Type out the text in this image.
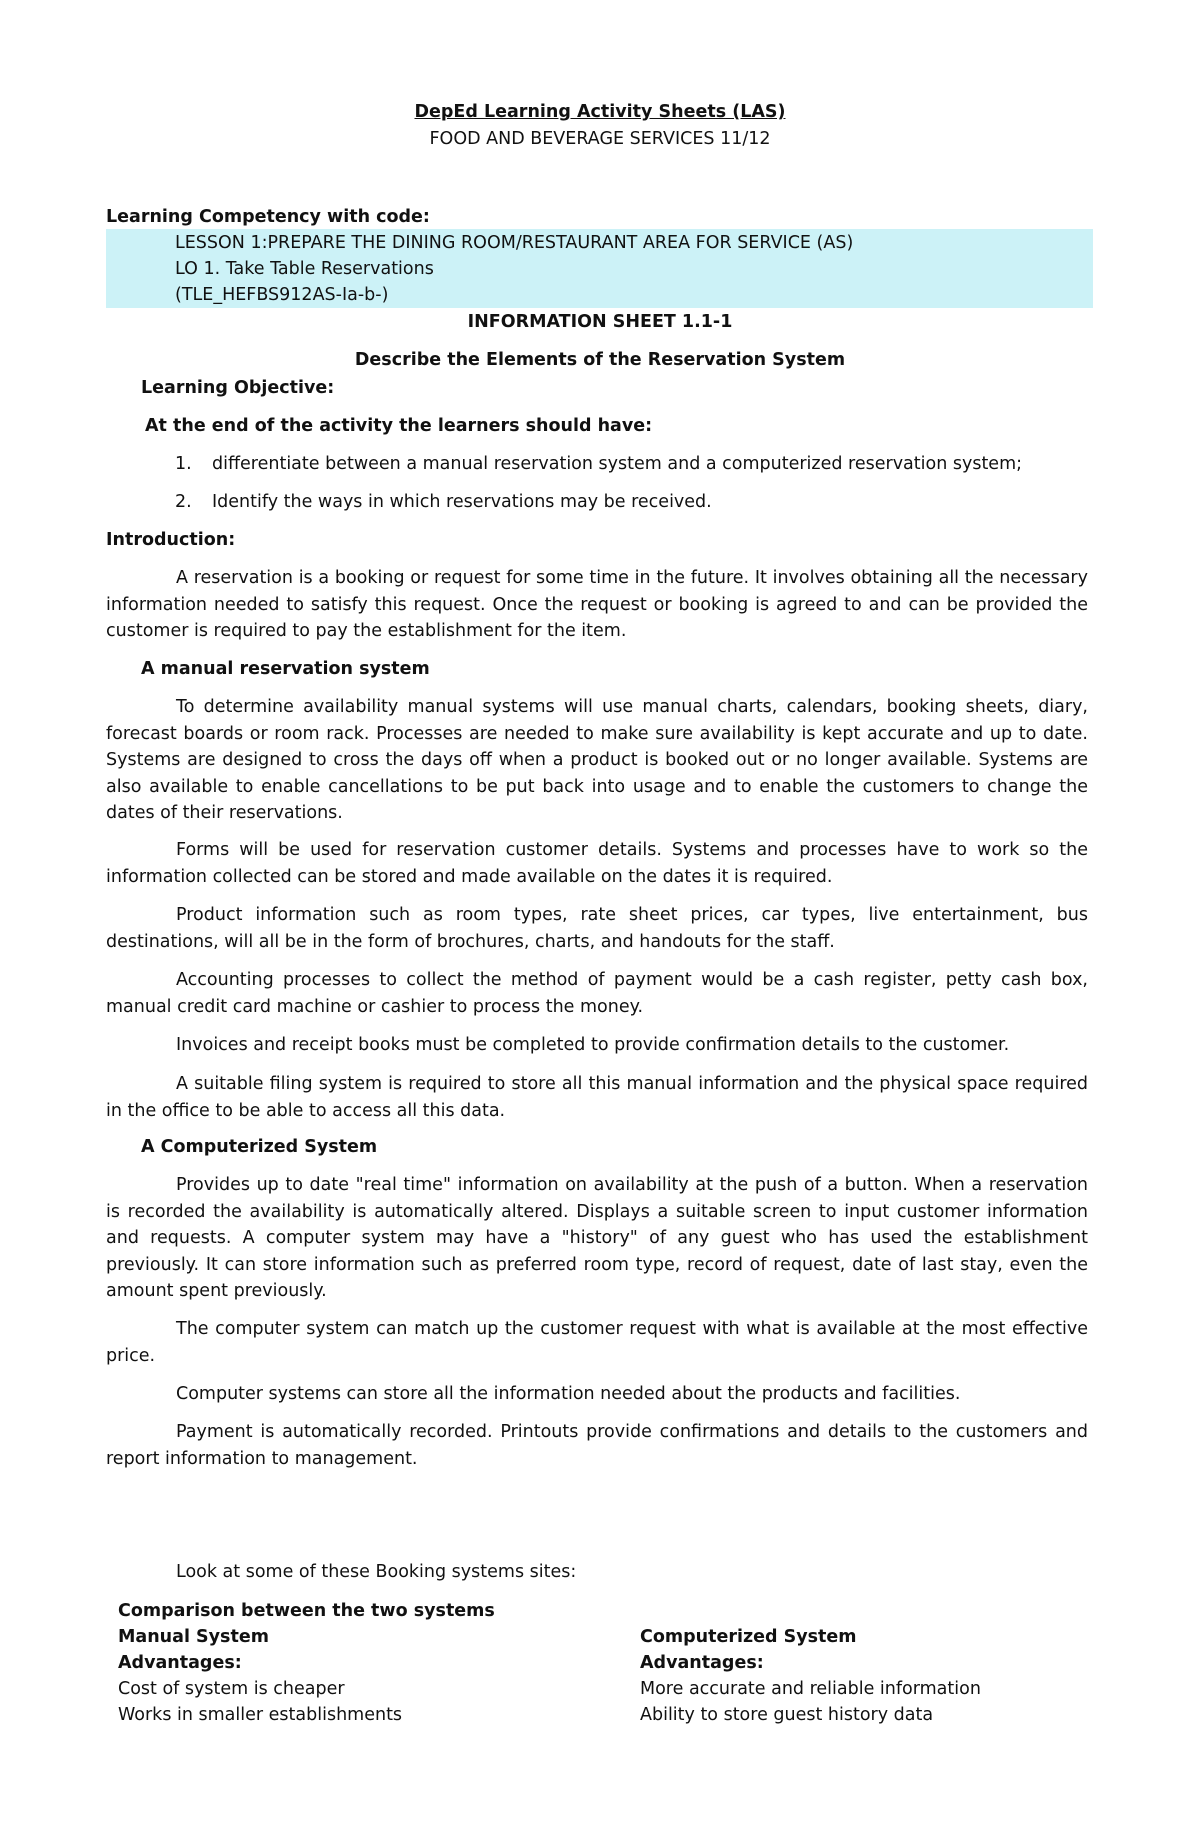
DepEd Learning Activity Sheets (LAS)
FOOD AND BEVERAGE SERVICES 11/12
Learning Competency with code:
LESSON 1:PREPARE THE DINING ROOM/RESTAURANT AREA FOR SERVICE (AS)
LO 1. Take Table Reservations
(TLE_HEFBS912AS-Ia-b-)
INFORMATION SHEET 1.1-1
Describe the Elements of the Reservation System
Learning Objective:
At the end of the activity the learners should have:
1. differentiate between a manual reservation system and a computerized reservation system;
2. Identify the ways in which reservations may be received.
Introduction:
A reservation is a booking or request for some time in the future. It involves obtaining all the necessary information needed to satisfy this request. Once the request or booking is agreed to and can be provided the customer is required to pay the establishment for the item.
A manual reservation system
To determine availability manual systems will use manual charts, calendars, booking sheets, diary, forecast boards or room rack. Processes are needed to make sure availability is kept accurate and up to date. Systems are designed to cross the days off when a product is booked out or no longer available. Systems are also available to enable cancellations to be put back into usage and to enable the customers to change the dates of their reservations.
Forms will be used for reservation customer details. Systems and processes have to work so the information collected can be stored and made available on the dates it is required.
Product information such as room types, rate sheet prices, car types, live entertainment, bus destinations, will all be in the form of brochures, charts, and handouts for the staff.
Accounting processes to collect the method of payment would be a cash register, petty cash box, manual credit card machine or cashier to process the money.
Invoices and receipt books must be completed to provide confirmation details to the customer.
A suitable filing system is required to store all this manual information and the physical space required in the office to be able to access all this data.
A Computerized System
Provides up to date "real time" information on availability at the push of a button. When a reservation is recorded the availability is automatically altered. Displays a suitable screen to input customer information and requests. A computer system may have a "history" of any guest who has used the establishment previously. It can store information such as preferred room type, record of request, date of last stay, even the amount spent previously.
The computer system can match up the customer request with what is available at the most effective price.
Computer systems can store all the information needed about the products and facilities.
Payment is automatically recorded. Printouts provide confirmations and details to the customers and report information to management.
Look at some of these Booking systems sites:
Comparison between the two systems
Manual System
Advantages:
Cost of system is cheaper
Works in smaller establishments
Computerized System
Advantages:
More accurate and reliable information
Ability to store guest history data
